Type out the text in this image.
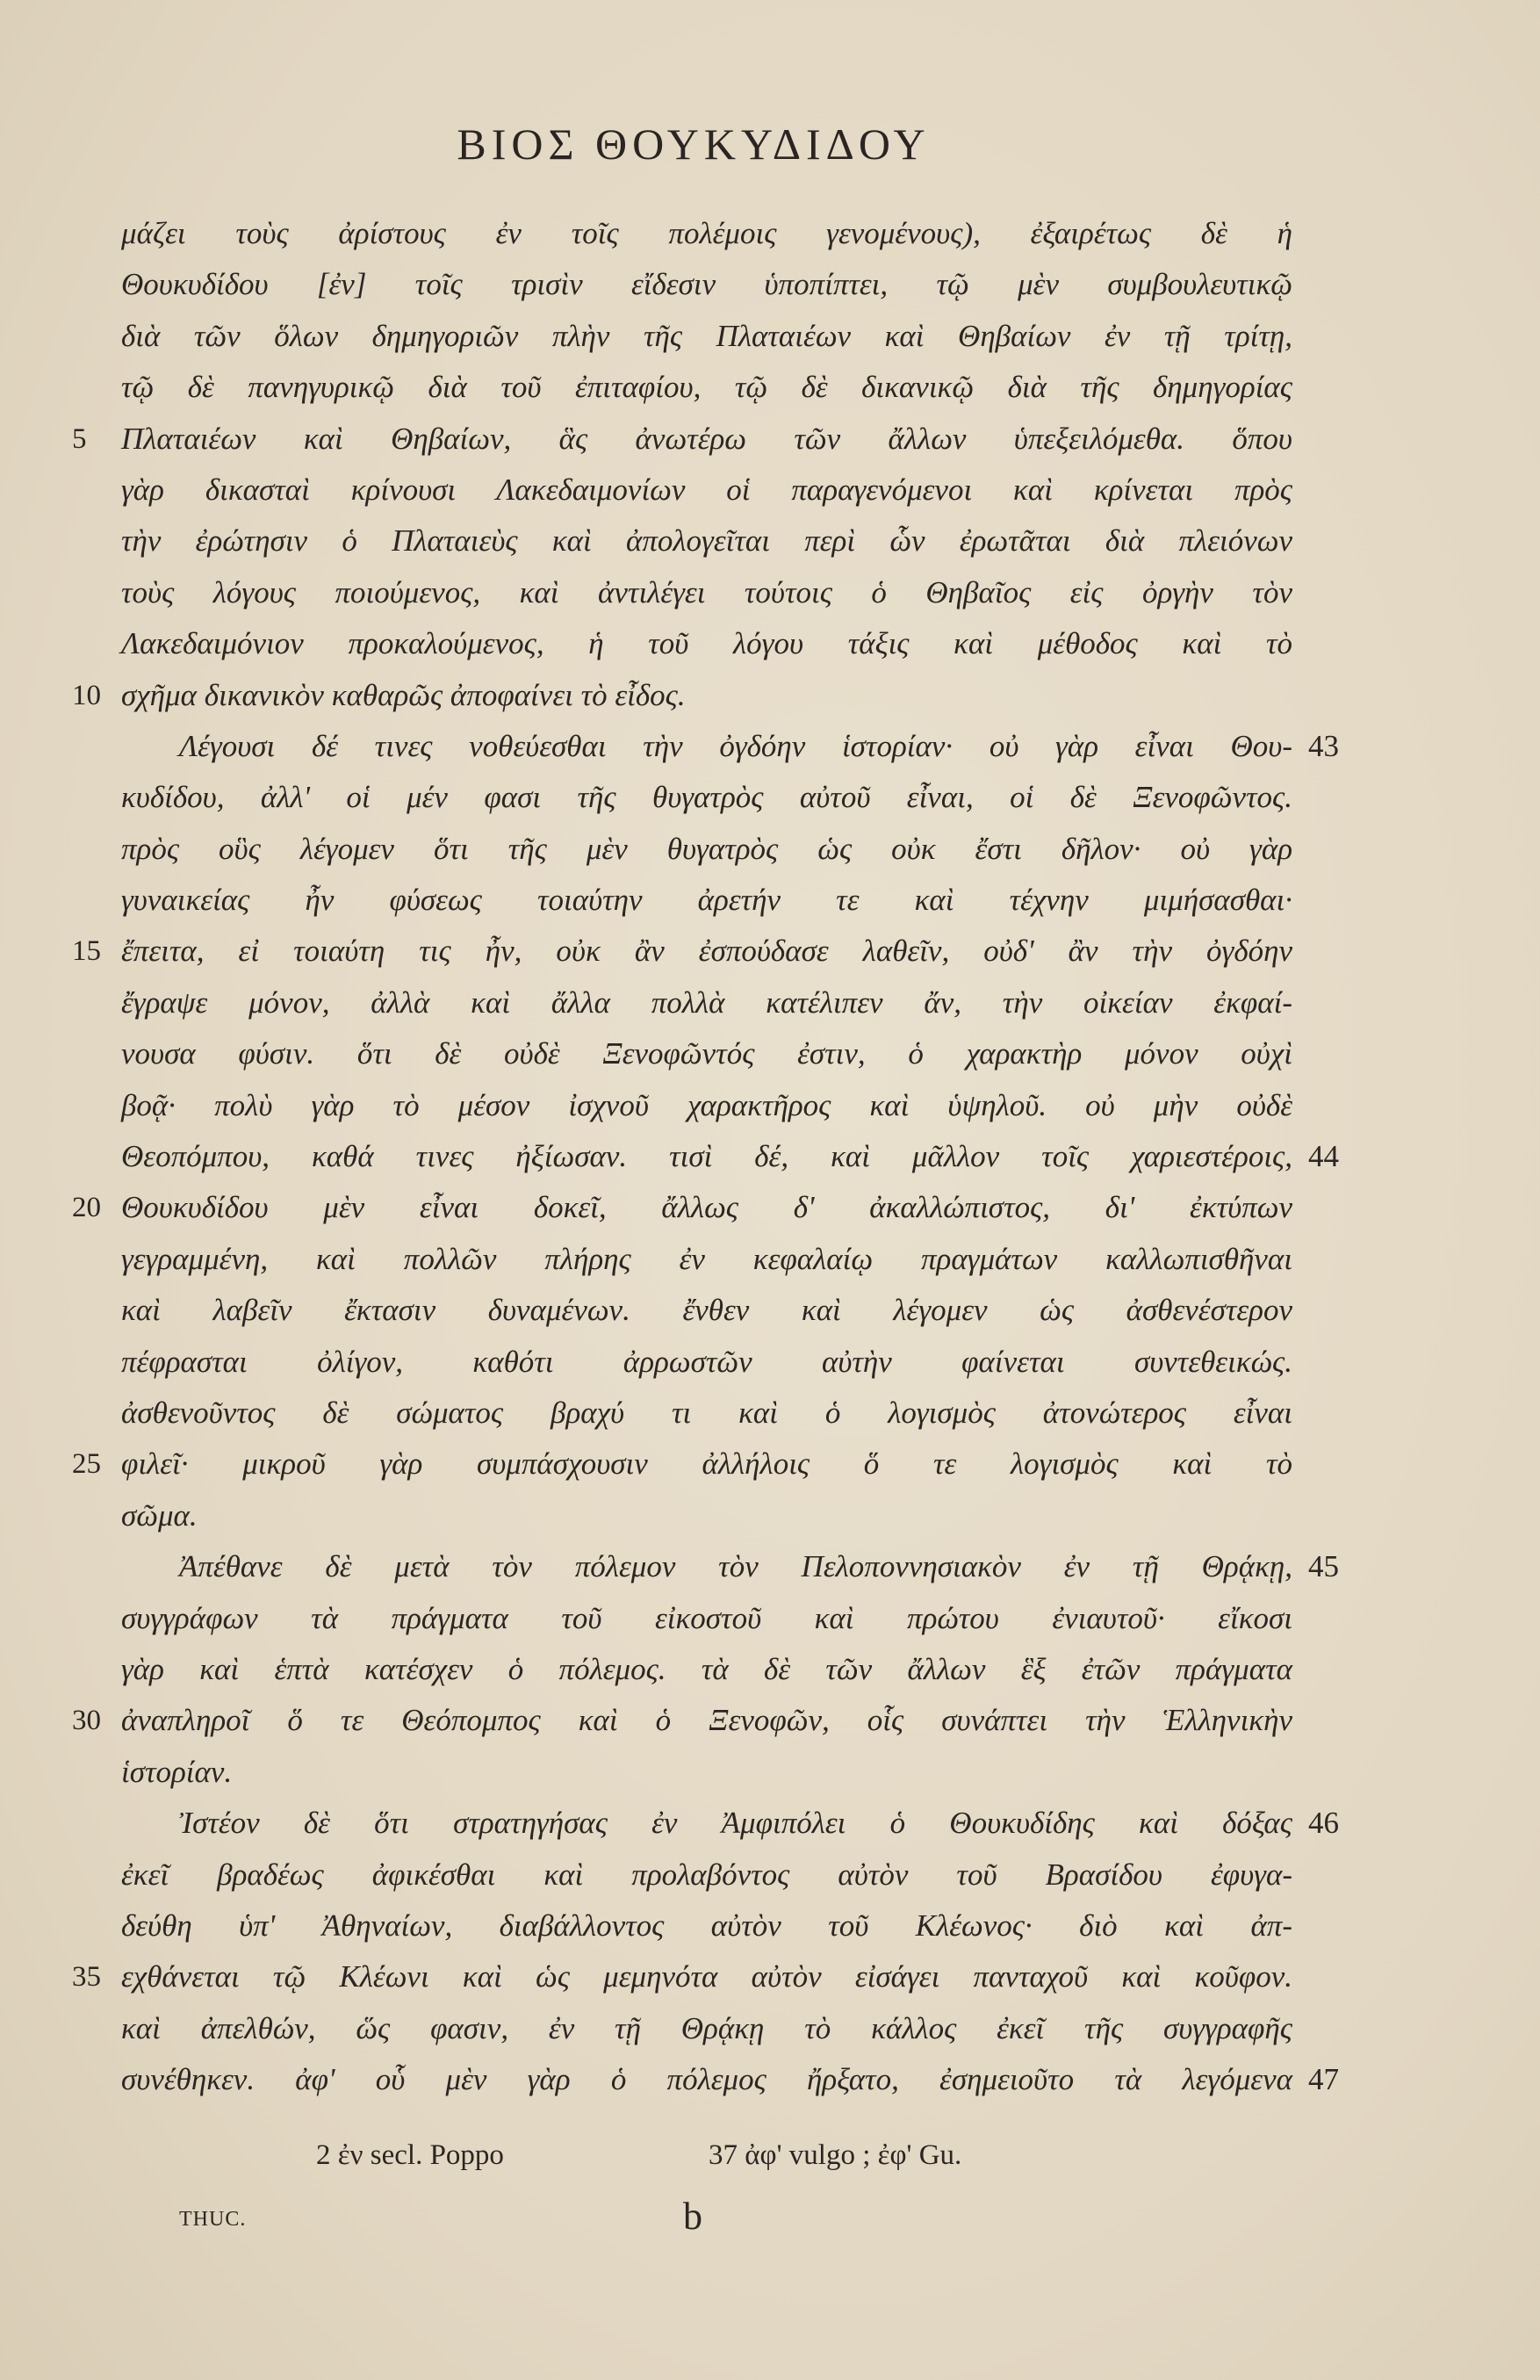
ΒΙΟΣ ΘΟΥΚΥΔΙΔΟΥ
μάζει τοὺς ἀρίστους ἐν τοῖς πολέμοις γενομένους), ἐξαιρέτως δὲ ἡ
Θουκυδίδου [ἐν] τοῖς τρισὶν εἴδεσιν ὑποπίπτει, τῷ μὲν συμβουλευτικῷ
διὰ τῶν ὅλων δημηγοριῶν πλὴν τῆς Πλαταιέων καὶ Θηβαίων ἐν τῇ τρίτῃ,
τῷ δὲ πανηγυρικῷ διὰ τοῦ ἐπιταφίου, τῷ δὲ δικανικῷ διὰ τῆς δημηγορίας
Πλαταιέων καὶ Θηβαίων, ἃς ἀνωτέρω τῶν ἄλλων ὑπεξειλόμεθα. ὅπου
5
γὰρ δικασταὶ κρίνουσι Λακεδαιμονίων οἱ παραγενόμενοι καὶ κρίνεται πρὸς
τὴν ἐρώτησιν ὁ Πλαταιεὺς καὶ ἀπολογεῖται περὶ ὧν ἐρωτᾶται διὰ πλειόνων
τοὺς λόγους ποιούμενος, καὶ ἀντιλέγει τούτοις ὁ Θηβαῖος εἰς ὀργὴν τὸν
Λακεδαιμόνιον προκαλούμενος, ἡ τοῦ λόγου τάξις καὶ μέθοδος καὶ τὸ
σχῆμα δικανικὸν καθαρῶς ἀποφαίνει τὸ εἶδος.
10
Λέγουσι δέ τινες νοθεύεσθαι τὴν ὀγδόην ἱστορίαν· οὐ γὰρ εἶναι Θου- 43
κυδίδου, ἀλλ' οἱ μέν φασι τῆς θυγατρὸς αὐτοῦ εἶναι, οἱ δὲ Ξενοφῶντος.
πρὸς οὓς λέγομεν ὅτι τῆς μὲν θυγατρὸς ὡς οὐκ ἔστι δῆλον· οὐ γὰρ
γυναικείας ἦν φύσεως τοιαύτην ἀρετήν τε καὶ τέχνην μιμήσασθαι·
ἔπειτα, εἰ τοιαύτη τις ἦν, οὐκ ἂν ἐσπούδασε λαθεῖν, οὐδ' ἂν τὴν ὀγδόην
15
ἔγραψε μόνον, ἀλλὰ καὶ ἄλλα πολλὰ κατέλιπεν ἄν, τὴν οἰκείαν ἐκφαί-
νουσα φύσιν. ὅτι δὲ οὐδὲ Ξενοφῶντός ἐστιν, ὁ χαρακτὴρ μόνον οὐχὶ
βοᾷ· πολὺ γὰρ τὸ μέσον ἰσχνοῦ χαρακτῆρος καὶ ὑψηλοῦ. οὐ μὴν οὐδὲ
Θεοπόμπου, καθά τινες ἠξίωσαν. τισὶ δέ, καὶ μᾶλλον τοῖς χαριεστέροις, 44
Θουκυδίδου μὲν εἶναι δοκεῖ, ἄλλως δ' ἀκαλλώπιστος, δι' ἐκτύπων
20
γεγραμμένη, καὶ πολλῶν πλήρης ἐν κεφαλαίῳ πραγμάτων καλλωπισθῆναι
καὶ λαβεῖν ἔκτασιν δυναμένων. ἔνθεν καὶ λέγομεν ὡς ἀσθενέστερον
πέφρασται ὀλίγον, καθότι ἀρρωστῶν αὐτὴν φαίνεται συντεθεικώς.
ἀσθενοῦντος δὲ σώματος βραχύ τι καὶ ὁ λογισμὸς ἀτονώτερος εἶναι
φιλεῖ· μικροῦ γὰρ συμπάσχουσιν ἀλλήλοις ὅ τε λογισμὸς καὶ τὸ
25
σῶμα.
Ἀπέθανε δὲ μετὰ τὸν πόλεμον τὸν Πελοποννησιακὸν ἐν τῇ Θρᾴκῃ, 45
συγγράφων τὰ πράγματα τοῦ εἰκοστοῦ καὶ πρώτου ἐνιαυτοῦ· εἴκοσι
γὰρ καὶ ἑπτὰ κατέσχεν ὁ πόλεμος. τὰ δὲ τῶν ἄλλων ἓξ ἐτῶν πράγματα
ἀναπληροῖ ὅ τε Θεόπομπος καὶ ὁ Ξενοφῶν, οἷς συνάπτει τὴν Ἑλληνικὴν
30
ἱστορίαν.
Ἰστέον δὲ ὅτι στρατηγήσας ἐν Ἀμφιπόλει ὁ Θουκυδίδης καὶ δόξας 46
ἐκεῖ βραδέως ἀφικέσθαι καὶ προλαβόντος αὐτὸν τοῦ Βρασίδου ἐφυγα-
δεύθη ὑπ' Ἀθηναίων, διαβάλλοντος αὐτὸν τοῦ Κλέωνος· διὸ καὶ ἀπ-
εχθάνεται τῷ Κλέωνι καὶ ὡς μεμηνότα αὐτὸν εἰσάγει πανταχοῦ καὶ κοῦφον.
35
καὶ ἀπελθών, ὥς φασιν, ἐν τῇ Θρᾴκῃ τὸ κάλλος ἐκεῖ τῆς συγγραφῆς
συνέθηκεν. ἀφ' οὗ μὲν γὰρ ὁ πόλεμος ἤρξατο, ἐσημειοῦτο τὰ λεγόμενα 47
2 ἐν secl. Poppo	37 ἀφ' vulgo ; ἐφ' Gu.
THUC.	b
